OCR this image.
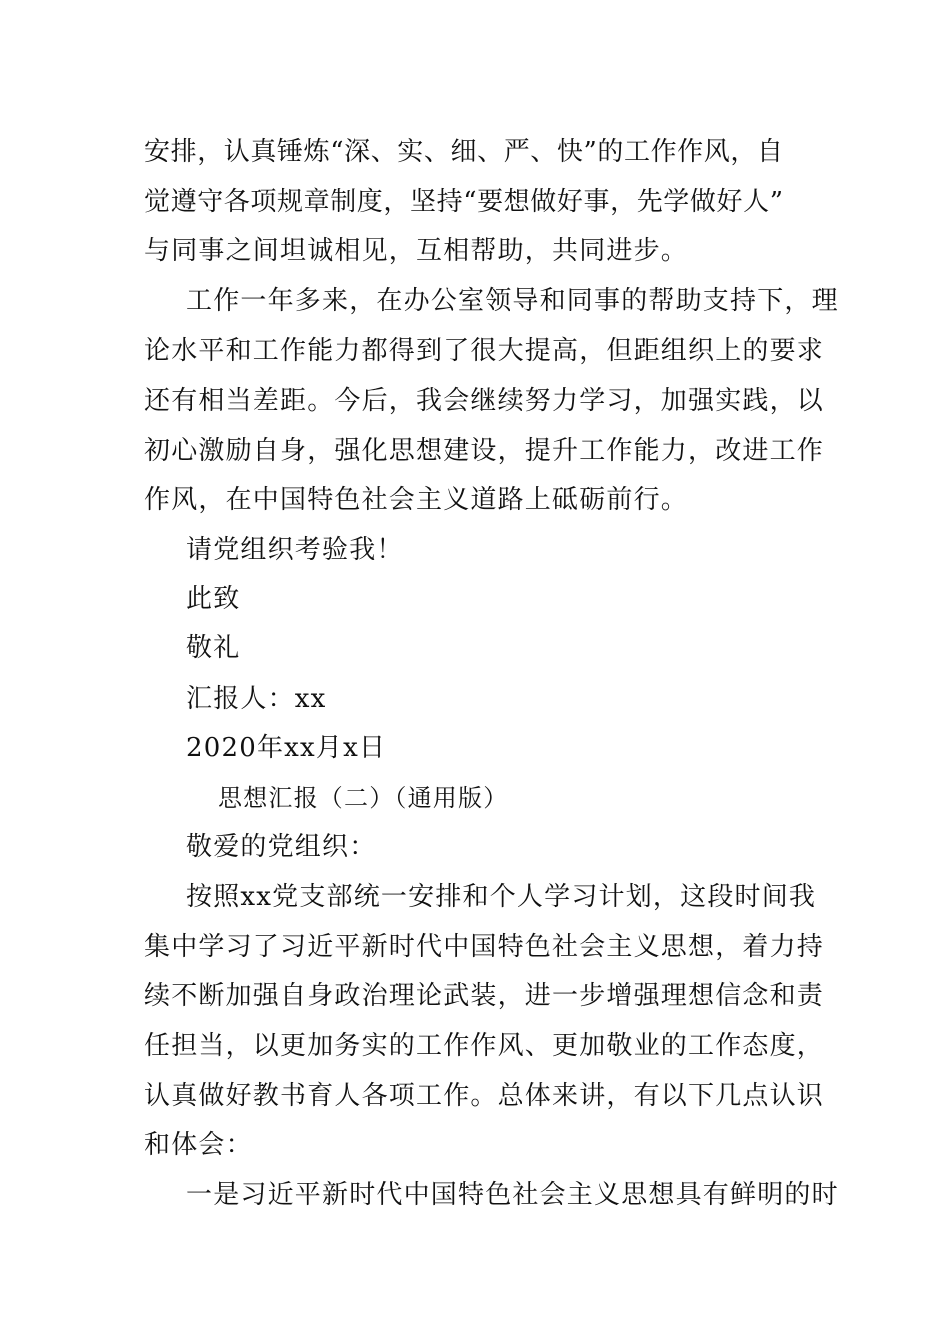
安排，认真锤炼“深、实、细、严、快”的工作作风，自
觉遵守各项规章制度，坚持“要想做好事，先学做好人”
与同事之间坦诚相见，互相帮助，共同进步。
工作一年多来，在办公室领导和同事的帮助支持下，理
论水平和工作能力都得到了很大提高，但距组织上的要求
还有相当差距。今后，我会继续努力学习，加强实践，以
初心激励自身，强化思想建设，提升工作能力，改进工作
作风，在中国特色社会主义道路上砥砺前行。
请党组织考验我！
此致
敬礼
汇报人：xx
2020年xx月x日
思想汇报（二）（通用版）
敬爱的党组织：
按照xx党支部统一安排和个人学习计划，这段时间我
集中学习了习近平新时代中国特色社会主义思想，着力持
续不断加强自身政治理论武装，进一步增强理想信念和责
任担当，以更加务实的工作作风、更加敬业的工作态度，
认真做好教书育人各项工作。总体来讲，有以下几点认识
和体会：
一是习近平新时代中国特色社会主义思想具有鲜明的时
